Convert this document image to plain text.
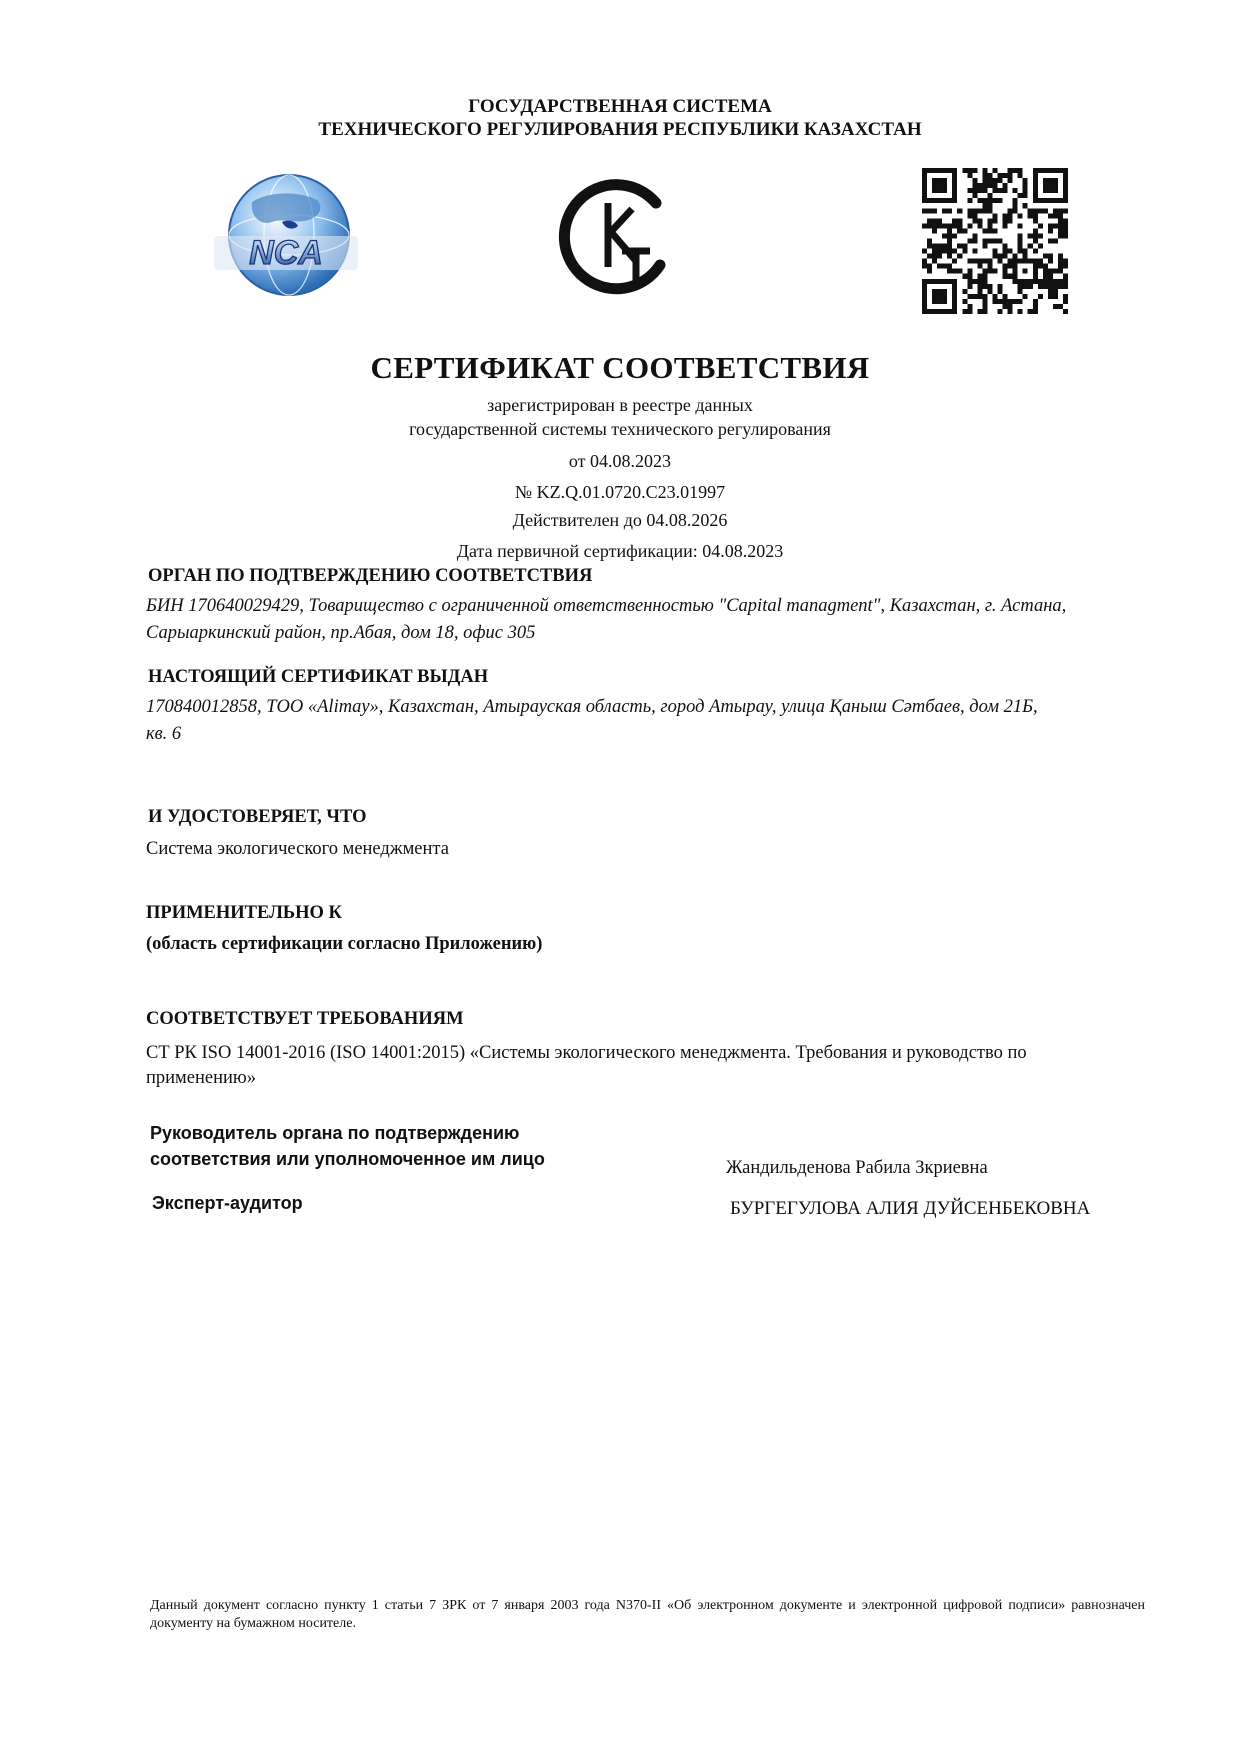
ГОСУДАРСТВЕННАЯ СИСТЕМА
ТЕХНИЧЕСКОГО РЕГУЛИРОВАНИЯ РЕСПУБЛИКИ КАЗАХСТАН
NCA
СЕРТИФИКАТ СООТВЕТСТВИЯ
зарегистрирован в реестре данных
государственной системы технического регулирования
от 04.08.2023
№ KZ.Q.01.0720.C23.01997
Действителен до 04.08.2026
Дата первичной сертификации: 04.08.2023
ОРГАН ПО ПОДТВЕРЖДЕНИЮ СООТВЕТСТВИЯ
БИН 170640029429, Товарищество с ограниченной ответственностью "Capital managment", Казахстан, г. Астана,
Сарыаркинский район, пр.Абая, дом 18, офис 305
НАСТОЯЩИЙ СЕРТИФИКАТ ВЫДАН
170840012858, ТОО «Alimay», Казахстан, Атырауская область, город Атырау, улица Қаныш Сәтбаев, дом 21Б,
кв. 6
И УДОСТОВЕРЯЕТ, ЧТО
Система экологического менеджмента
ПРИМЕНИТЕЛЬНО К
(область сертификации согласно Приложению)
СООТВЕТСТВУЕТ ТРЕБОВАНИЯМ
СТ РК ISO 14001-2016 (ISO 14001:2015) «Системы экологического менеджмента. Требования и руководство по
применению»
Руководитель органа по подтверждению
соответствия или уполномоченное им лицо	Жандильденова Рабила Зкриевна
Эксперт-аудитор	БУРГЕГУЛОВА АЛИЯ ДУЙСЕНБЕКОВНА
Данный документ согласно пункту 1 статьи 7 ЗРК от 7 января 2003 года N370-II «Об электронном документе и электронной цифровой подписи» равнозначен документу на бумажном носителе.
